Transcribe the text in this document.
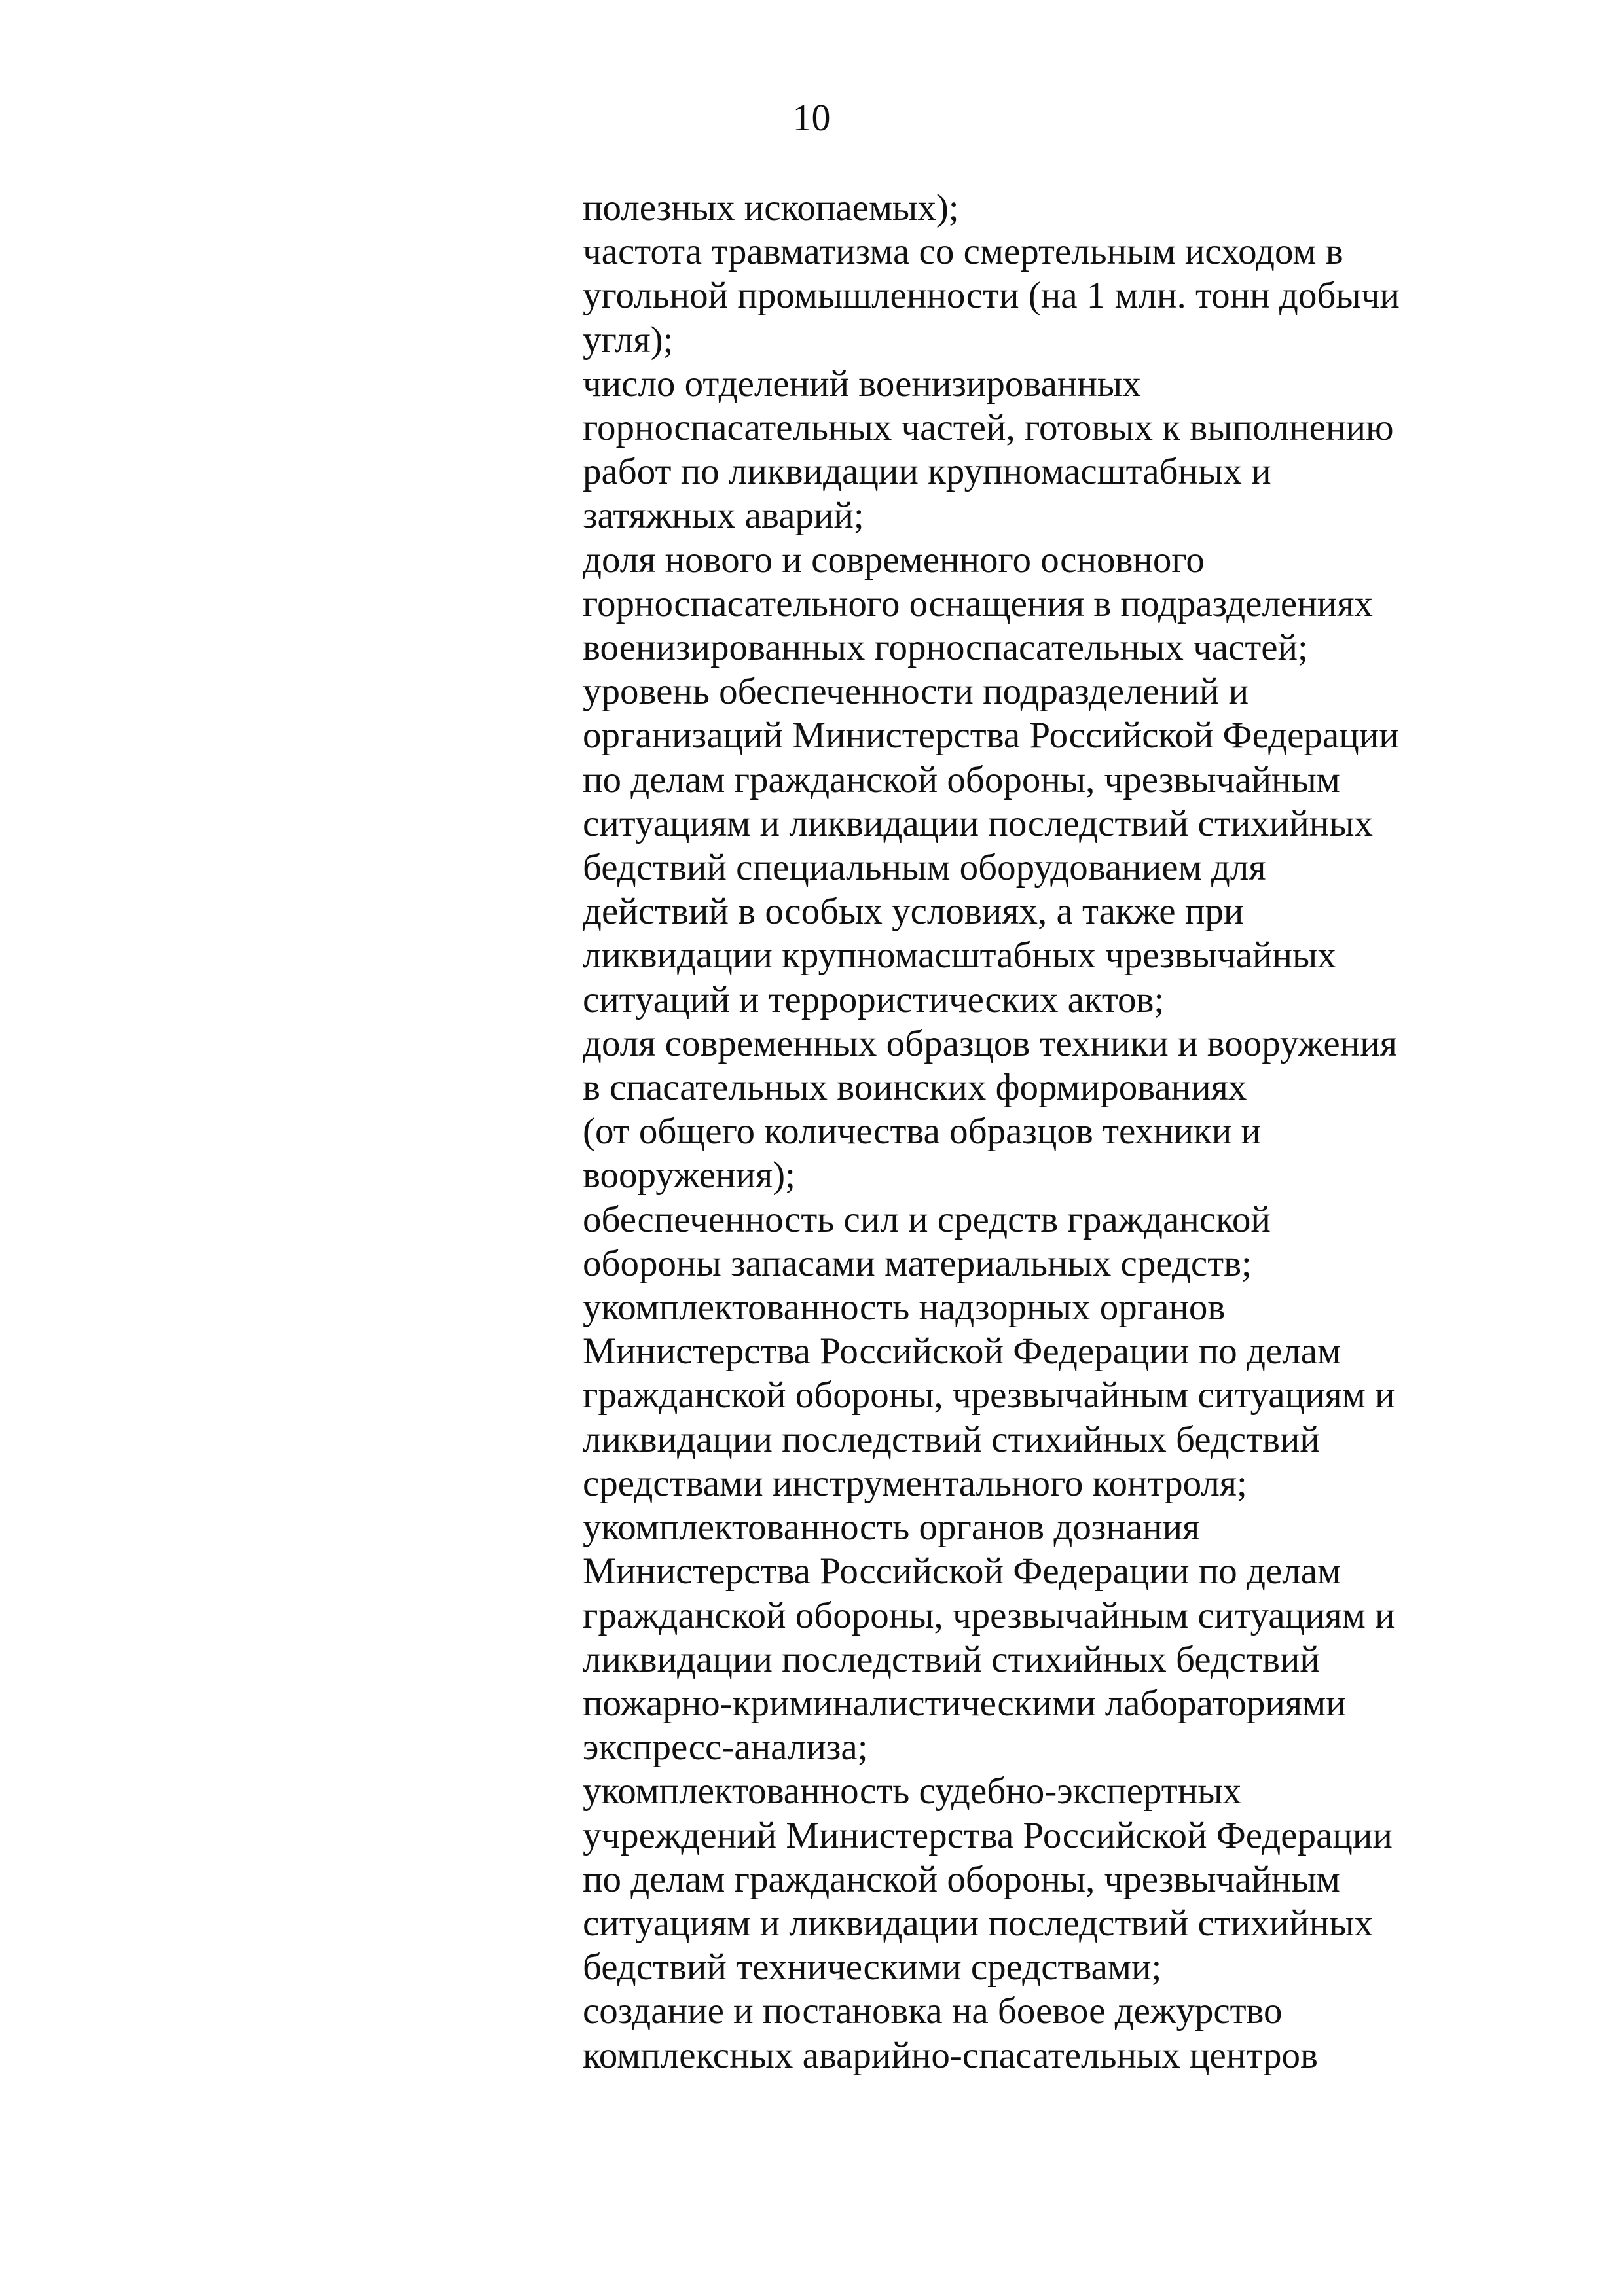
10
полезных ископаемых);
частота травматизма со смертельным исходом в
угольной промышленности (на 1 млн. тонн добычи
угля);
число отделений военизированных
горноспасательных частей, готовых к выполнению
работ по ликвидации крупномасштабных и
затяжных аварий;
доля нового и современного основного
горноспасательного оснащения в подразделениях
военизированных горноспасательных частей;
уровень обеспеченности подразделений и
организаций Министерства Российской Федерации
по делам гражданской обороны, чрезвычайным
ситуациям и ликвидации последствий стихийных
бедствий специальным оборудованием для
действий в особых условиях, а также при
ликвидации крупномасштабных чрезвычайных
ситуаций и террористических актов;
доля современных образцов техники и вооружения
в спасательных воинских формированиях
(от общего количества образцов техники и
вооружения);
обеспеченность сил и средств гражданской
обороны запасами материальных средств;
укомплектованность надзорных органов
Министерства Российской Федерации по делам
гражданской обороны, чрезвычайным ситуациям и
ликвидации последствий стихийных бедствий
средствами инструментального контроля;
укомплектованность органов дознания
Министерства Российской Федерации по делам
гражданской обороны, чрезвычайным ситуациям и
ликвидации последствий стихийных бедствий
пожарно-криминалистическими лабораториями
экспресс-анализа;
укомплектованность судебно-экспертных
учреждений Министерства Российской Федерации
по делам гражданской обороны, чрезвычайным
ситуациям и ликвидации последствий стихийных
бедствий техническими средствами;
создание и постановка на боевое дежурство
комплексных аварийно-спасательных центров
